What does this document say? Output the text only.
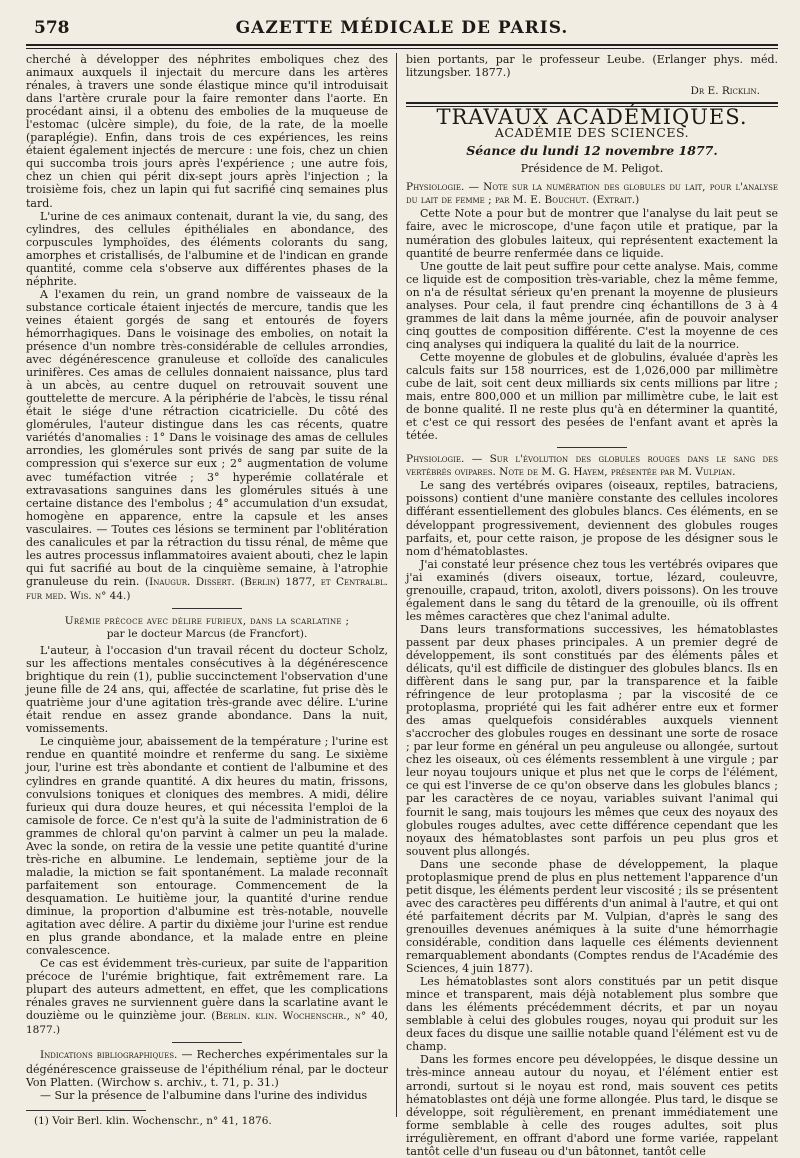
578	GAZETTE MÉDICALE DE PARIS.

cherché à développer des néphrites emboliques chez des animaux auxquels il injectait du mercure dans les artères rénales, à travers une sonde élastique mince qu'il introduisait dans l'artère crurale pour la faire remonter dans l'aorte. En procédant ainsi, il a obtenu des embolies de la muqueuse de l'estomac (ulcère simple), du foie, de la rate, de la moelle (paraplégie). Enfin, dans trois de ces expériences, les reins étaient également injectés de mercure : une fois, chez un chien qui succomba trois jours après l'expérience ; une autre fois, chez un chien qui périt dix-sept jours après l'injection ; la troisième fois, chez un lapin qui fut sacrifié cinq semaines plus tard.

L'urine de ces animaux contenait, durant la vie, du sang, des cylindres, des cellules épithéliales en abondance, des corpuscules lymphoïdes, des éléments colorants du sang, amorphes et cristallisés, de l'albumine et de l'indican en grande quantité, comme cela s'observe aux différentes phases de la néphrite.

A l'examen du rein, un grand nombre de vaisseaux de la substance corticale étaient injectés de mercure, tandis que les veines étaient gorgés de sang et entourés de foyers hémorrhagiques. Dans le voisinage des embolies, on notait la présence d'un nombre très-considérable de cellules arrondies, avec dégénérescence granuleuse et colloïde des canalicules urinifères. Ces amas de cellules donnaient naissance, plus tard à un abcès, au centre duquel on retrouvait souvent une gouttelette de mercure. A la périphérie de l'abcès, le tissu rénal était le siége d'une rétraction cicatricielle. Du côté des glomérules, l'auteur distingue dans les cas récents, quatre variétés d'anomalies : 1° Dans le voisinage des amas de cellules arrondies, les glomérules sont privés de sang par suite de la compression qui s'exerce sur eux ; 2° augmentation de volume avec tuméfaction vitrée ; 3° hyperémie collatérale et extravasations sanguines dans les glomérules situés à une certaine distance des l'embolus ; 4° accumulation d'un exsudat, homogène en apparence, entre la capsule et les anses vasculaires. — Toutes ces lésions se terminent par l'oblitération des canalicules et par la rétraction du tissu rénal, de même que les autres processus inflammatoires avaient abouti, chez le lapin qui fut sacrifié au bout de la cinquième semaine, à l'atrophie granuleuse du rein. (Inaugur. Dissert. (Berlin) 1877, et Centralbl. fur med. Wis. n° 44.)

Urémie précoce avec délire furieux, dans la scarlatine ;
par le docteur Marcus (de Francfort).

L'auteur, à l'occasion d'un travail récent du docteur Scholz, sur les affections mentales consécutives à la dégénérescence brightique du rein (1), publie succinctement l'observation d'une jeune fille de 24 ans, qui, affectée de scarlatine, fut prise dès le quatrième jour d'une agitation très-grande avec délire. L'urine était rendue en assez grande abondance. Dans la nuit, vomissements.

Le cinquième jour, abaissement de la température ; l'urine est rendue en quantité moindre et renferme du sang. Le sixième jour, l'urine est très abondante et contient de l'albumine et des cylindres en grande quantité. A dix heures du matin, frissons, convulsions toniques et cloniques des membres. A midi, délire furieux qui dura douze heures, et qui nécessita l'emploi de la camisole de force. Ce n'est qu'à la suite de l'administration de 6 grammes de chloral qu'on parvint à calmer un peu la malade. Avec la sonde, on retira de la vessie une petite quantité d'urine très-riche en albumine. Le lendemain, septième jour de la maladie, la miction se fait spontanément. La malade reconnaît parfaitement son entourage. Commencement de la desquamation. Le huitième jour, la quantité d'urine rendue diminue, la proportion d'albumine est très-notable, nouvelle agitation avec délire. A partir du dixième jour l'urine est rendue en plus grande abondance, et la malade entre en pleine convalescence.

Ce cas est évidemment très-curieux, par suite de l'apparition précoce de l'urémie brightique, fait extrêmement rare. La plupart des auteurs admettent, en effet, que les complications rénales graves ne surviennent guère dans la scarlatine avant le douzième ou le quinzième jour. (Berlin. klin. Wochenschr., n° 40, 1877.)

Indications bibliographiques. — Recherches expérimentales sur la dégénérescence graisseuse de l'épithélium rénal, par le docteur Von Platten. (Wirchow s. archiv., t. 71, p. 31.)

— Sur la présence de l'albumine dans l'urine des individus

(1) Voir Berl. klin. Wochenschr., n° 41, 1876.

bien portants, par le professeur Leube. (Erlanger phys. méd. litzungsber. 1877.)

Dr E. Ricklin.
TRAVAUX ACADÉMIQUES.
ACADÉMIE DES SCIENCES.
Séance du lundi 12 novembre 1877.
Présidence de M. Peligot.

Physiologie. — Note sur la numération des globules du lait, pour l'analyse du lait de femme ; par M. E. Bouchut. (Extrait.)

Cette Note a pour but de montrer que l'analyse du lait peut se faire, avec le microscope, d'une façon utile et pratique, par la numération des globules laiteux, qui représentent exactement la quantité de beurre renfermée dans ce liquide.

Une goutte de lait peut suffire pour cette analyse. Mais, comme ce liquide est de composition très-variable, chez la même femme, on n'a de résultat sérieux qu'en prenant la moyenne de plusieurs analyses. Pour cela, il faut prendre cinq échantillons de 3 à 4 grammes de lait dans la même journée, afin de pouvoir analyser cinq gouttes de composition différente. C'est la moyenne de ces cinq analyses qui indiquera la qualité du lait de la nourrice.

Cette moyenne de globules et de globulins, évaluée d'après les calculs faits sur 158 nourrices, est de 1,026,000 par millimètre cube de lait, soit cent deux milliards six cents millions par litre ; mais, entre 800,000 et un million par millimètre cube, le lait est de bonne qualité. Il ne reste plus qu'à en déterminer la quantité, et c'est ce qui ressort des pesées de l'enfant avant et après la tétée.

Physiologie. — Sur l'évolution des globules rouges dans le sang des vertébrés ovipares. Note de M. G. Hayem, présentée par M. Vulpian.

Le sang des vertébrés ovipares (oiseaux, reptiles, batraciens, poissons) contient d'une manière constante des cellules incolores différant essentiellement des globules blancs. Ces éléments, en se développant progressivement, deviennent des globules rouges parfaits, et, pour cette raison, je propose de les désigner sous le nom d'hématoblastes.

J'ai constaté leur présence chez tous les vertébrés ovipares que j'ai examinés (divers oiseaux, tortue, lézard, couleuvre, grenouille, crapaud, triton, axolotl, divers poissons). On les trouve également dans le sang du têtard de la grenouille, où ils offrent les mêmes caractères que chez l'animal adulte.

Dans leurs transformations successives, les hématoblastes passent par deux phases principales. A un premier degré de développement, ils sont constitués par des éléments pâles et délicats, qu'il est difficile de distinguer des globules blancs. Ils en diffèrent dans le sang pur, par la transparence et la faible réfringence de leur protoplasma ; par la viscosité de ce protoplasma, propriété qui les fait adhérer entre eux et former des amas quelquefois considérables auxquels viennent s'accrocher des globules rouges en dessinant une sorte de rosace ; par leur forme en général un peu anguleuse ou allongée, surtout chez les oiseaux, où ces éléments ressemblent à une virgule ; par leur noyau toujours unique et plus net que le corps de l'élément, ce qui est l'inverse de ce qu'on observe dans les globules blancs ; par les caractères de ce noyau, variables suivant l'animal qui fournit le sang, mais toujours les mêmes que ceux des noyaux des globules rouges adultes, avec cette différence cependant que les noyaux des hématoblastes sont parfois un peu plus gros et souvent plus allongés.

Dans une seconde phase de développement, la plaque protoplasmique prend de plus en plus nettement l'apparence d'un petit disque, les éléments perdent leur viscosité ; ils se présentent avec des caractères peu différents d'un animal à l'autre, et qui ont été parfaitement décrits par M. Vulpian, d'après le sang des grenouilles devenues anémiques à la suite d'une hémorrhagie considérable, condition dans laquelle ces éléments deviennent remarquablement abondants (Comptes rendus de l'Académie des Sciences, 4 juin 1877).

Les hématoblastes sont alors constitués par un petit disque mince et transparent, mais déjà notablement plus sombre que dans les éléments précédemment décrits, et par un noyau semblable à celui des globules rouges, noyau qui produit sur les deux faces du disque une saillie notable quand l'élément est vu de champ.

Dans les formes encore peu développées, le disque dessine un très-mince anneau autour du noyau, et l'élément entier est arrondi, surtout si le noyau est rond, mais souvent ces petits hématoblastes ont déjà une forme allongée. Plus tard, le disque se développe, soit régulièrement, en prenant immédiatement une forme semblable à celle des rouges adultes, soit plus irrégulièrement, en offrant d'abord une forme variée, rappelant tantôt celle d'un fuseau ou d'un bâtonnet, tantôt celle
